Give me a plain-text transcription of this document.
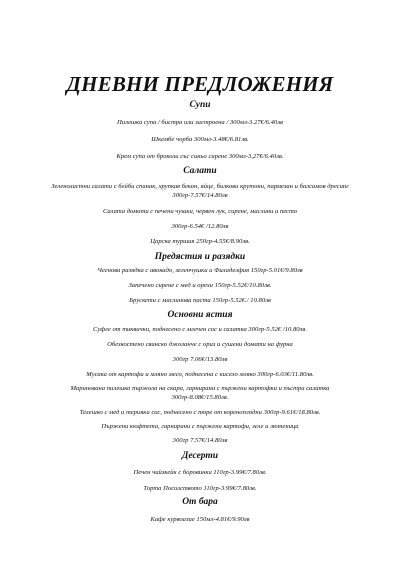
ДНЕВНИ ПРЕДЛОЖЕНИЯ
Супи
Пилешка супа / бистра или застроена / 300мл-3.27€/6.40лв
Шкембе чорба 300мл-3.48€/6.81лв.
Крем супа от броколи със синьо сирене 300мл-3,27€/6.40лв.
Салати
Зеленолистни салати с бейби спанак, хрупкав бекон, яйце, билкови крутони, пармезан и балсамов дресинг 300гр-7.57€/14.80лв
Салата домати с печени чушки, червен лук, сирене, маслини и песто
300гр-6.54€ /12.80лв
Царска туршия 250гр-4.55€/8.90лв.
Предястия и разядки
Чеснова разядка с авокадо, зеленчушки и Филаделфия 150гр-5.01€/9.80лв
Запечено сирене с мед и орехи 150гр-5.52€/10.80лв.
Брускети с маслинова паста 150гр-5.52€./ 10.80лв
Основни ястия
Суфле от тиквички, поднесено с млечен сос и салатка 300гр-5.52€ /10.80лв.
Обезкостено свинско джоланче с ориз и сушени домати на фурна
300гр 7.06€/13.80лв
Мусака от картофи и мляно месо, поднесена с кисело мляко 300гр-6.03€/11.80лв.
Маринована пилешка пържола на скара, гарнирана с пържени картофки и пъстра салатка 300гр-8.08€/15.80лв.
Телешко с мед и терияки сос, поднесено с пюре от кореноплодни 300гр-9.61€/18.80лв.
Пържени кюфтета, гарнирани с пържени картофи, зеле и лютеница
300гр 7.57€/14.80лв
Десерти
Печен чийзкейк с боровинки 110гр-3.99€/7.80лв.
Торта Посолството 110гр-3.99€/7.80лв.
От бара
Кафе курвоазие 150мл-4.81€/9.90лв
